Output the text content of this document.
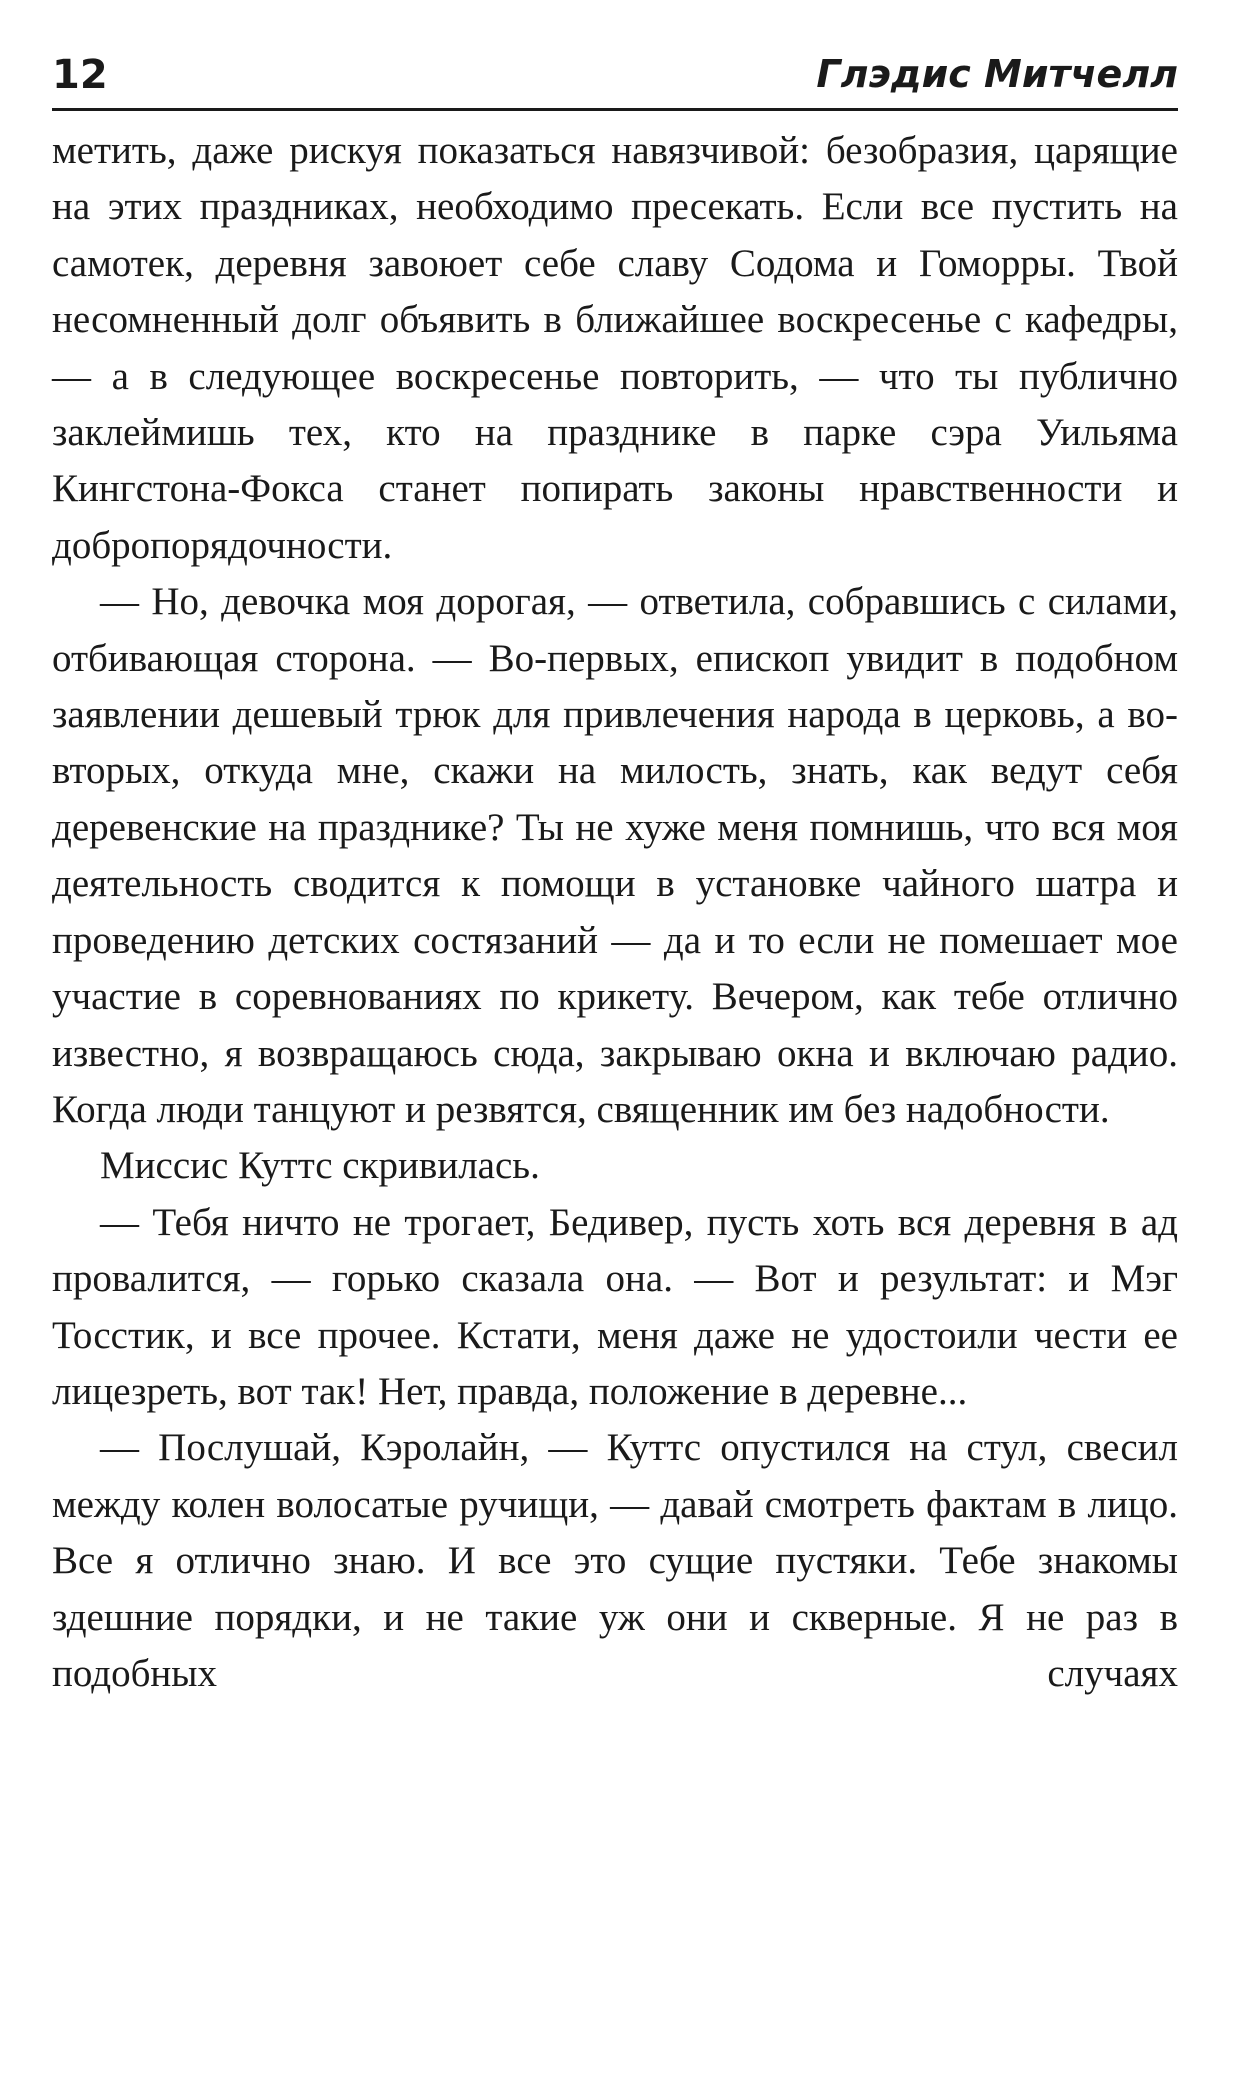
12	Глэдис Митчелл

метить, даже рискуя показаться навязчивой: безобразия, царящие на этих праздниках, необходимо пресекать. Если все пустить на самотек, деревня завоюет себе славу Содома и Гоморры. Твой несомненный долг объявить в ближайшее воскресенье с кафедры, — а в следующее воскресенье повторить, — что ты публично заклеймишь тех, кто на празднике в парке сэра Уильяма Кингстона-Фокса станет попирать законы нравственности и добропорядочности.

— Но, девочка моя дорогая, — ответила, собравшись с силами, отбивающая сторона. — Во-первых, епископ увидит в подобном заявлении дешевый трюк для привлечения народа в церковь, а во-вторых, откуда мне, скажи на милость, знать, как ведут себя деревенские на празднике? Ты не хуже меня помнишь, что вся моя деятельность сводится к помощи в установке чайного шатра и проведению детских состязаний — да и то если не помешает мое участие в соревнованиях по крикету. Вечером, как тебе отлично известно, я возвращаюсь сюда, закрываю окна и включаю радио. Когда люди танцуют и резвятся, священник им без надобности.

Миссис Куттс скривилась.

— Тебя ничто не трогает, Бедивер, пусть хоть вся деревня в ад провалится, — горько сказала она. — Вот и результат: и Мэг Тосстик, и все прочее. Кстати, меня даже не удостоили чести ее лицезреть, вот так! Нет, правда, положение в деревне...

— Послушай, Кэролайн, — Куттс опустился на стул, свесил между колен волосатые ручищи, — давай смотреть фактам в лицо. Все я отлично знаю. И все это сущие пустяки. Тебе знакомы здешние порядки, и не такие уж они и скверные. Я не раз в подобных случаях
